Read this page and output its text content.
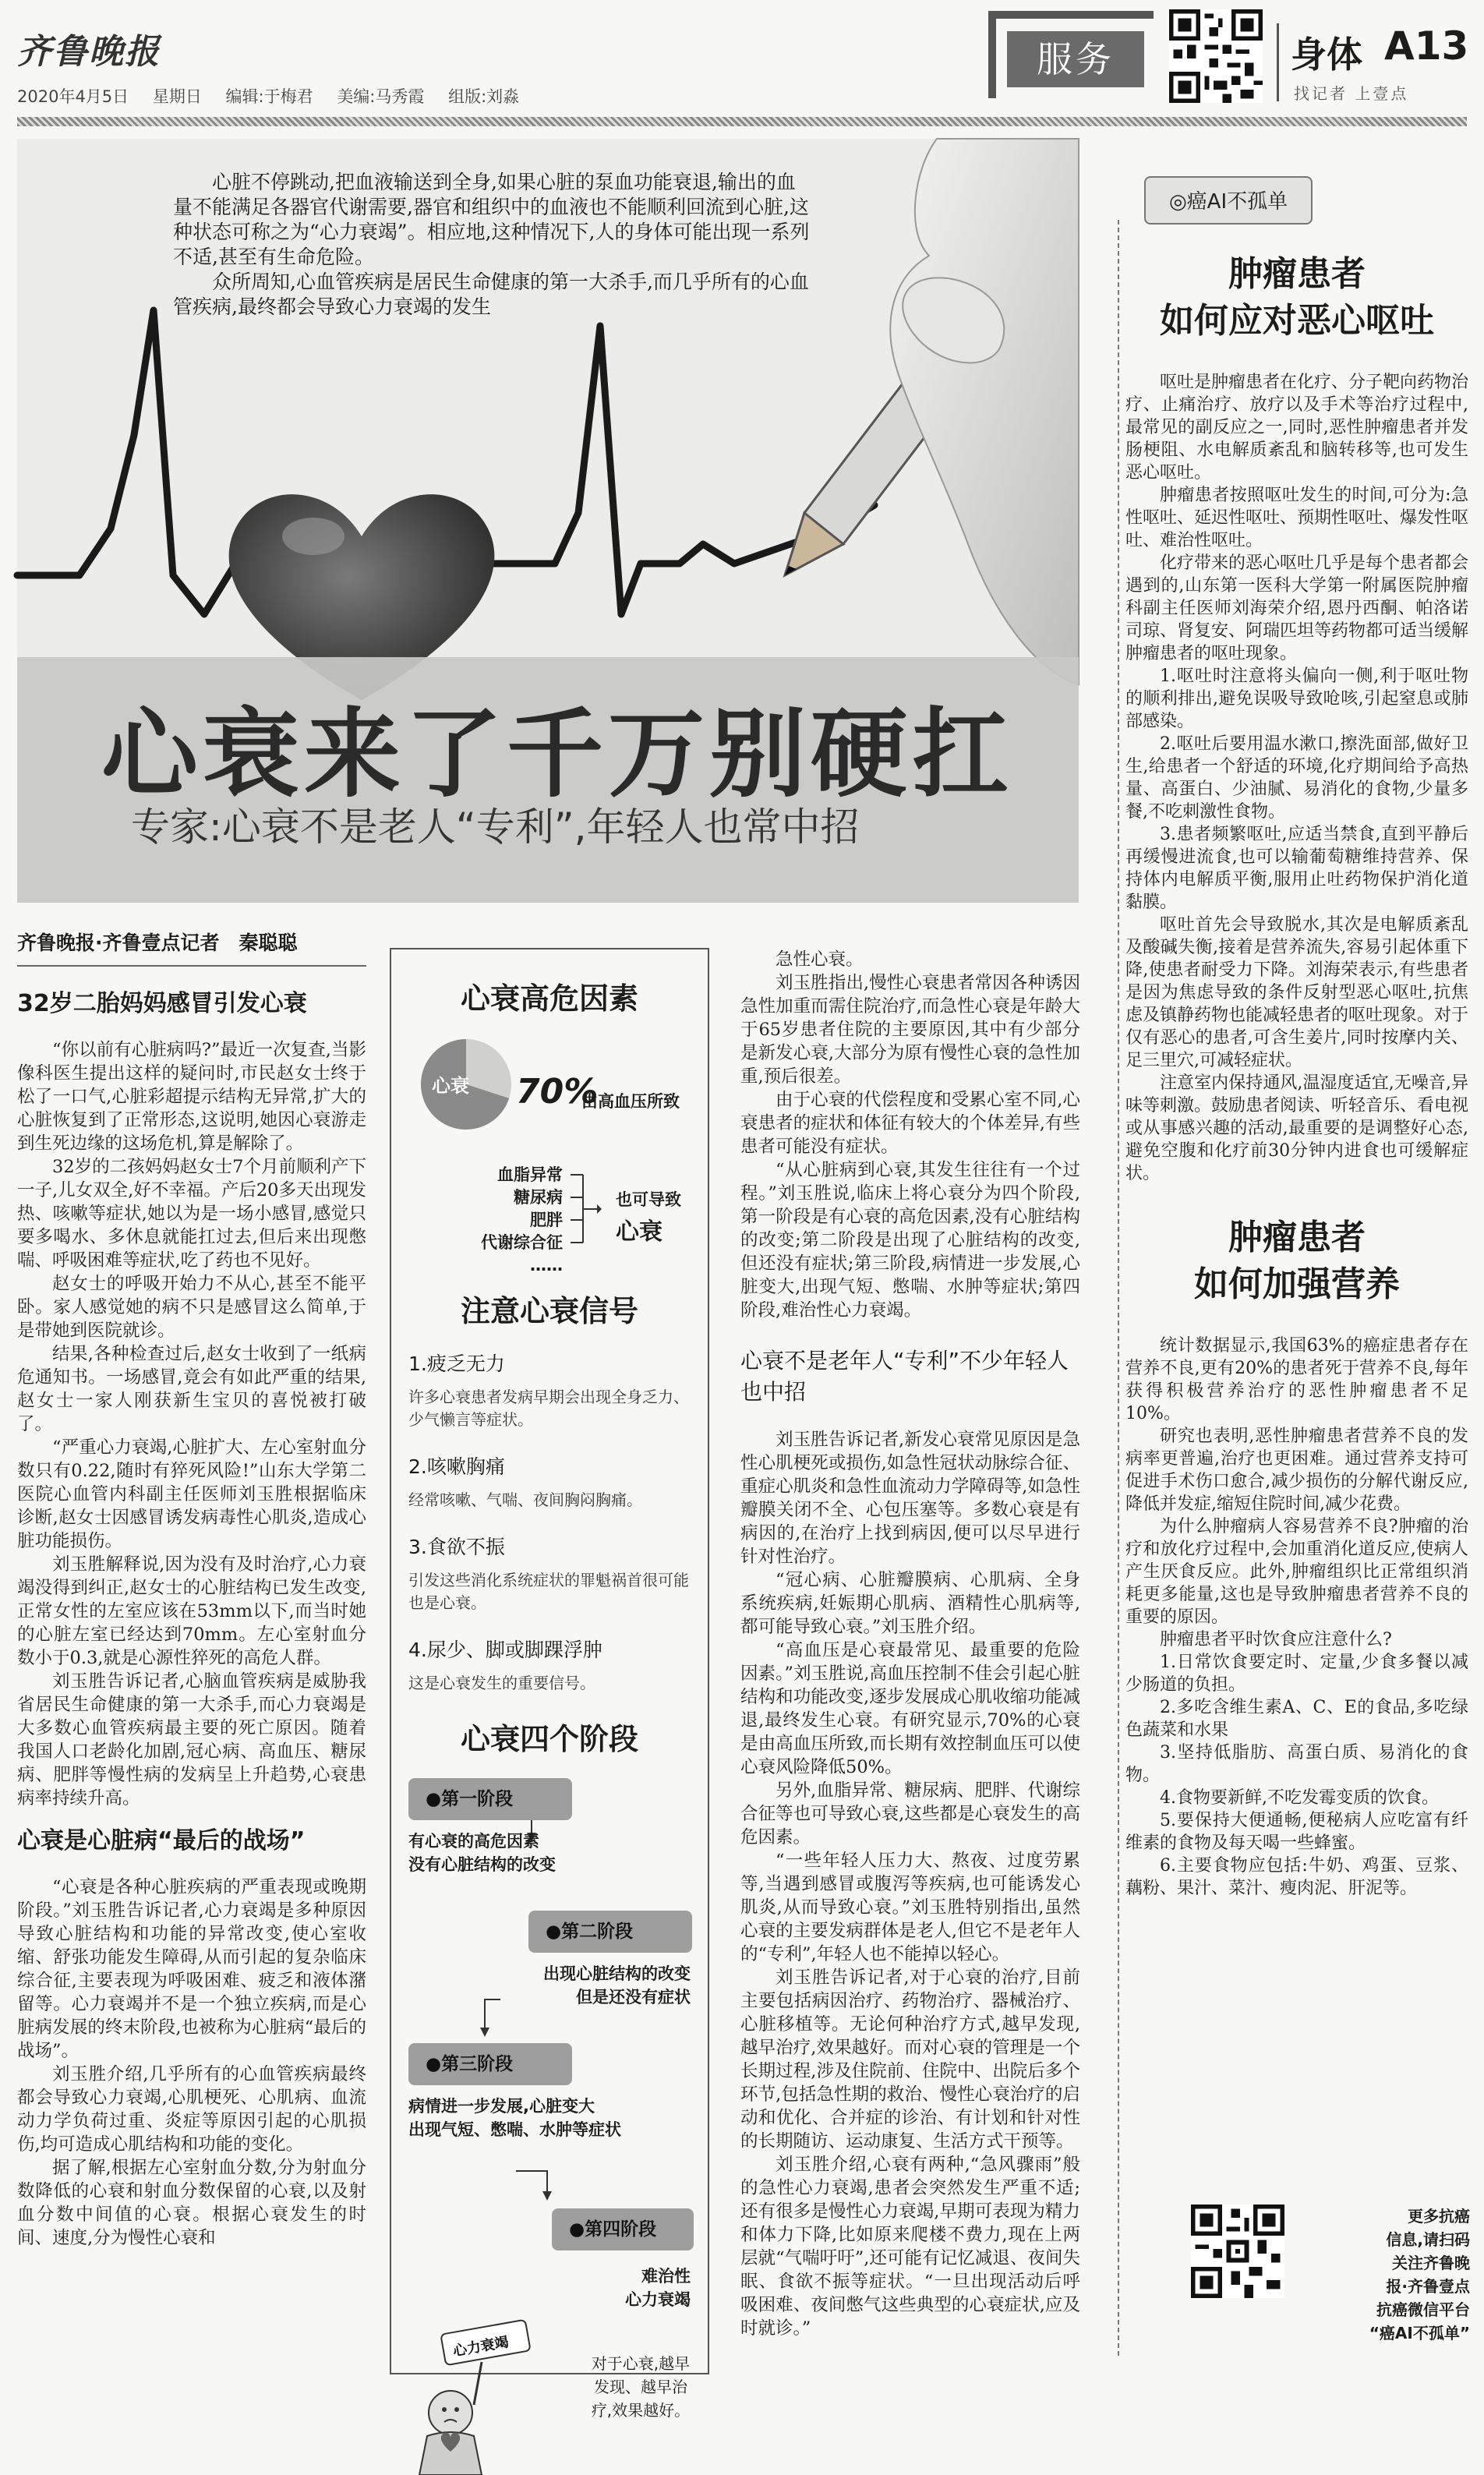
齐鲁晚报
2020年4月5日 星期日 编辑:于梅君 美编:马秀霞 组版:刘淼
服务	身体 A13
找记者 上壹点

心脏不停跳动,把血液输送到全身,如果心脏的泵血功能衰退,输出的血量不能满足各器官代谢需要,器官和组织中的血液也不能顺利回流到心脏,这种状态可称之为“心力衰竭”。相应地,这种情况下,人的身体可能出现一系列不适,甚至有生命危险。

众所周知,心血管疾病是居民生命健康的第一大杀手,而几乎所有的心血管疾病,最终都会导致心力衰竭的发生

心衰来了千万别硬扛
专家:心衰不是老人“专利”,年轻人也常中招
齐鲁晚报·齐鲁壹点记者　秦聪聪
32岁二胎妈妈感冒引发心衰

“你以前有心脏病吗?”最近一次复查,当影像科医生提出这样的疑问时,市民赵女士终于松了一口气,心脏彩超提示结构无异常,扩大的心脏恢复到了正常形态,这说明,她因心衰游走到生死边缘的这场危机,算是解除了。

32岁的二孩妈妈赵女士7个月前顺利产下一子,儿女双全,好不幸福。产后20多天出现发热、咳嗽等症状,她以为是一场小感冒,感觉只要多喝水、多休息就能扛过去,但后来出现憋喘、呼吸困难等症状,吃了药也不见好。

赵女士的呼吸开始力不从心,甚至不能平卧。家人感觉她的病不只是感冒这么简单,于是带她到医院就诊。

结果,各种检查过后,赵女士收到了一纸病危通知书。一场感冒,竟会有如此严重的结果,赵女士一家人刚获新生宝贝的喜悦被打破了。

“严重心力衰竭,心脏扩大、左心室射血分数只有0.22,随时有猝死风险!”山东大学第二医院心血管内科副主任医师刘玉胜根据临床诊断,赵女士因感冒诱发病毒性心肌炎,造成心脏功能损伤。

刘玉胜解释说,因为没有及时治疗,心力衰竭没得到纠正,赵女士的心脏结构已发生改变,正常女性的左室应该在53mm以下,而当时她的心脏左室已经达到70mm。左心室射血分数小于0.3,就是心源性猝死的高危人群。

刘玉胜告诉记者,心脑血管疾病是威胁我省居民生命健康的第一大杀手,而心力衰竭是大多数心血管疾病最主要的死亡原因。随着我国人口老龄化加剧,冠心病、高血压、糖尿病、肥胖等慢性病的发病呈上升趋势,心衰患病率持续升高。

心衰是心脏病“最后的战场”

“心衰是各种心脏疾病的严重表现或晚期阶段。”刘玉胜告诉记者,心力衰竭是多种原因导致心脏结构和功能的异常改变,使心室收缩、舒张功能发生障碍,从而引起的复杂临床综合征,主要表现为呼吸困难、疲乏和液体潴留等。心力衰竭并不是一个独立疾病,而是心脏病发展的终末阶段,也被称为心脏病“最后的战场”。

刘玉胜介绍,几乎所有的心血管疾病最终都会导致心力衰竭,心肌梗死、心肌病、血流动力学负荷过重、炎症等原因引起的心肌损伤,均可造成心肌结构和功能的变化。

据了解,根据左心室射血分数,分为射血分数降低的心衰和射血分数保留的心衰,以及射血分数中间值的心衰。根据心衰发生的时间、速度,分为慢性心衰和

心衰高危因素
心衰 70%
由高血压所致
血脂异常
糖尿病
肥胖
代谢综合征
……
也可导致
心衰
注意心衰信号
1.疲乏无力
许多心衰患者发病早期会出现全身乏力、少气懒言等症状。
2.咳嗽胸痛
经常咳嗽、气喘、夜间胸闷胸痛。
3.食欲不振
引发这些消化系统症状的罪魁祸首很可能也是心衰。
4.尿少、脚或脚踝浮肿
这是心衰发生的重要信号。
心衰四个阶段
●第一阶段
有心衰的高危因素
没有心脏结构的改变
●第二阶段
出现心脏结构的改变
但是还没有症状
●第三阶段
病情进一步发展,心脏变大
出现气短、憋喘、水肿等症状
●第四阶段
难治性
心力衰竭
心力衰竭
对于心衰,越早发现、越早治疗,效果越好。

急性心衰。

刘玉胜指出,慢性心衰患者常因各种诱因急性加重而需住院治疗,而急性心衰是年龄大于65岁患者住院的主要原因,其中有少部分是新发心衰,大部分为原有慢性心衰的急性加重,预后很差。

由于心衰的代偿程度和受累心室不同,心衰患者的症状和体征有较大的个体差异,有些患者可能没有症状。

“从心脏病到心衰,其发生往往有一个过程。”刘玉胜说,临床上将心衰分为四个阶段,第一阶段是有心衰的高危因素,没有心脏结构的改变;第二阶段是出现了心脏结构的改变,但还没有症状;第三阶段,病情进一步发展,心脏变大,出现气短、憋喘、水肿等症状;第四阶段,难治性心力衰竭。

心衰不是老年人“专利”不少年轻人也中招

刘玉胜告诉记者,新发心衰常见原因是急性心肌梗死或损伤,如急性冠状动脉综合征、重症心肌炎和急性血流动力学障碍等,如急性瓣膜关闭不全、心包压塞等。多数心衰是有病因的,在治疗上找到病因,便可以尽早进行针对性治疗。

“冠心病、心脏瓣膜病、心肌病、全身系统疾病,妊娠期心肌病、酒精性心肌病等,都可能导致心衰。”刘玉胜介绍。

“高血压是心衰最常见、最重要的危险因素。”刘玉胜说,高血压控制不佳会引起心脏结构和功能改变,逐步发展成心肌收缩功能减退,最终发生心衰。有研究显示,70%的心衰是由高血压所致,而长期有效控制血压可以使心衰风险降低50%。

另外,血脂异常、糖尿病、肥胖、代谢综合征等也可导致心衰,这些都是心衰发生的高危因素。

“一些年轻人压力大、熬夜、过度劳累等,当遇到感冒或腹泻等疾病,也可能诱发心肌炎,从而导致心衰。”刘玉胜特别指出,虽然心衰的主要发病群体是老人,但它不是老年人的“专利”,年轻人也不能掉以轻心。

刘玉胜告诉记者,对于心衰的治疗,目前主要包括病因治疗、药物治疗、器械治疗、心脏移植等。无论何种治疗方式,越早发现,越早治疗,效果越好。而对心衰的管理是一个长期过程,涉及住院前、住院中、出院后多个环节,包括急性期的救治、慢性心衰治疗的启动和优化、合并症的诊治、有计划和针对性的长期随访、运动康复、生活方式干预等。

刘玉胜介绍,心衰有两种,“急风骤雨”般的急性心力衰竭,患者会突然发生严重不适;还有很多是慢性心力衰竭,早期可表现为精力和体力下降,比如原来爬楼不费力,现在上两层就“气喘吁吁”,还可能有记忆减退、夜间失眠、食欲不振等症状。“一旦出现活动后呼吸困难、夜间憋气这些典型的心衰症状,应及时就诊。”

◎癌AI不孤单
肿瘤患者
如何应对恶心呕吐

呕吐是肿瘤患者在化疗、分子靶向药物治疗、止痛治疗、放疗以及手术等治疗过程中,最常见的副反应之一,同时,恶性肿瘤患者并发肠梗阻、水电解质紊乱和脑转移等,也可发生恶心呕吐。

肿瘤患者按照呕吐发生的时间,可分为:急性呕吐、延迟性呕吐、预期性呕吐、爆发性呕吐、难治性呕吐。

化疗带来的恶心呕吐几乎是每个患者都会遇到的,山东第一医科大学第一附属医院肿瘤科副主任医师刘海荣介绍,恩丹西酮、帕洛诺司琼、肾复安、阿瑞匹坦等药物都可适当缓解肿瘤患者的呕吐现象。

1.呕吐时注意将头偏向一侧,利于呕吐物的顺利排出,避免误吸导致呛咳,引起窒息或肺部感染。

2.呕吐后要用温水漱口,擦洗面部,做好卫生,给患者一个舒适的环境,化疗期间给予高热量、高蛋白、少油腻、易消化的食物,少量多餐,不吃刺激性食物。

3.患者频繁呕吐,应适当禁食,直到平静后再缓慢进流食,也可以输葡萄糖维持营养、保持体内电解质平衡,服用止吐药物保护消化道黏膜。

呕吐首先会导致脱水,其次是电解质紊乱及酸碱失衡,接着是营养流失,容易引起体重下降,使患者耐受力下降。刘海荣表示,有些患者是因为焦虑导致的条件反射型恶心呕吐,抗焦虑及镇静药物也能减轻患者的呕吐现象。对于仅有恶心的患者,可含生姜片,同时按摩内关、足三里穴,可减轻症状。

注意室内保持通风,温湿度适宜,无噪音,异味等刺激。鼓励患者阅读、听轻音乐、看电视或从事感兴趣的活动,最重要的是调整好心态,避免空腹和化疗前30分钟内进食也可缓解症状。

肿瘤患者
如何加强营养

统计数据显示,我国63%的癌症患者存在营养不良,更有20%的患者死于营养不良,每年获得积极营养治疗的恶性肿瘤患者不足10%。

研究也表明,恶性肿瘤患者营养不良的发病率更普遍,治疗也更困难。通过营养支持可促进手术伤口愈合,减少损伤的分解代谢反应,降低并发症,缩短住院时间,减少花费。

为什么肿瘤病人容易营养不良?肿瘤的治疗和放化疗过程中,会加重消化道反应,使病人产生厌食反应。此外,肿瘤组织比正常组织消耗更多能量,这也是导致肿瘤患者营养不良的重要的原因。

肿瘤患者平时饮食应注意什么?

1.日常饮食要定时、定量,少食多餐以减少肠道的负担。

2.多吃含维生素A、C、E的食品,多吃绿色蔬菜和水果

3.坚持低脂肪、高蛋白质、易消化的食物。

4.食物要新鲜,不吃发霉变质的饮食。

5.要保持大便通畅,便秘病人应吃富有纤维素的食物及每天喝一些蜂蜜。

6.主要食物应包括:牛奶、鸡蛋、豆浆、藕粉、果汁、菜汁、瘦肉泥、肝泥等。

更多抗癌
信息,请扫码
关注齐鲁晚
报·齐鲁壹点
抗癌微信平台
“癌AI不孤单”
